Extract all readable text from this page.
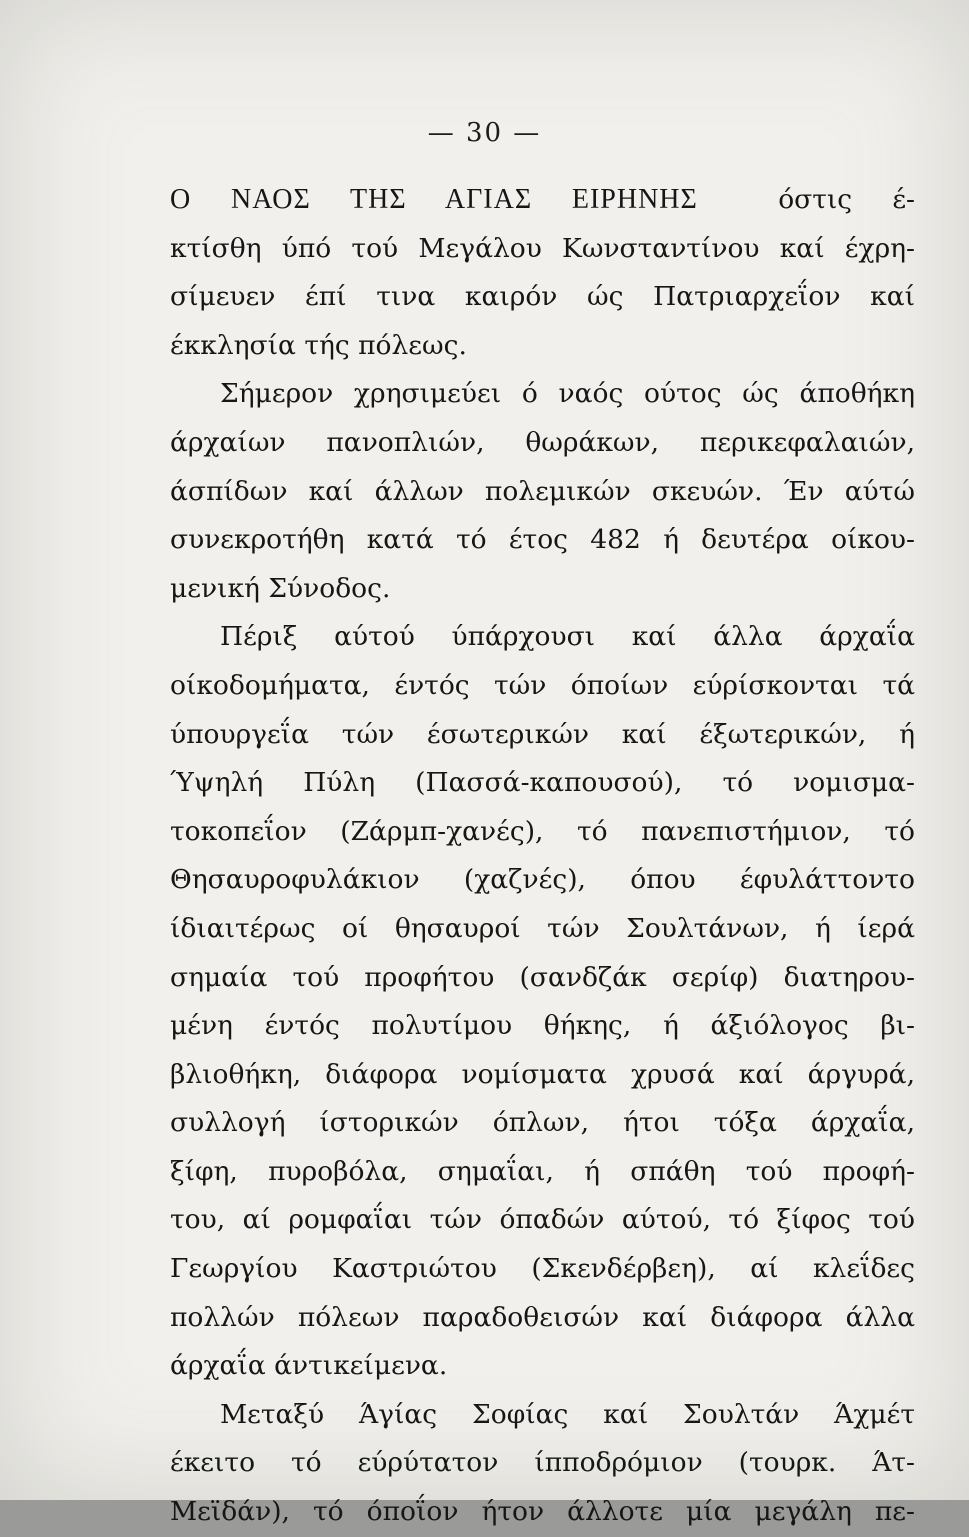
— 30 —
Ο ΝΑΟΣ ΤΗΣ ΑΓΙΑΣ ΕΙΡΗΝΗΣ	όστις έ-
κτίσθη ύπό τού Μεγάλου Κωνσταντίνου καί έχρη-
σίμευεν έπί τινα καιρόν ώς Πατριαρχεΐον καί
έκκλησία τής πόλεως.
Σήμερον χρησιμεύει ό ναός ούτος ώς άποθήκη
άρχαίων πανοπλιών, θωράκων, περικεφαλαιών,
άσπίδων καί άλλων πολεμικών σκευών. Έν αύτώ
συνεκροτήθη κατά τό έτος 482 ή δευτέρα οίκου-
μενική Σύνοδος.
Πέριξ αύτού ύπάρχουσι καί άλλα άρχαΐα
οίκοδομήματα, έντός τών όποίων εύρίσκονται τά
ύπουργεΐα τών έσωτερικών καί έξωτερικών, ή
Ύψηλή Πύλη (Πασσά-καπουσού), τό νομισμα-
τοκοπεΐον (Ζάρμπ-χανές), τό πανεπιστήμιον, τό
Θησαυροφυλάκιον (χαζνές), όπου έφυλάττοντο
ίδιαιτέρως οί θησαυροί τών Σουλτάνων, ή ίερά
σημαία τού προφήτου (σανδζάκ σερίφ) διατηρου-
μένη έντός πολυτίμου θήκης, ή άξιόλογος βι-
βλιοθήκη, διάφορα νομίσματα χρυσά καί άργυρά,
συλλογή ίστορικών όπλων, ήτοι τόξα άρχαΐα,
ξίφη, πυροβόλα, σημαΐαι, ή σπάθη τού προφή-
του, αί ρομφαΐαι τών όπαδών αύτού, τό ξίφος τού
Γεωργίου Καστριώτου (Σκενδέρβεη), αί κλεΐδες
πολλών πόλεων παραδοθεισών καί διάφορα άλλα
άρχαΐα άντικείμενα.
Μεταξύ Άγίας Σοφίας καί Σουλτάν Άχμέτ
έκειτο τό εύρύτατον ίπποδρόμιον (τουρκ. Άτ-
Μεϊδάν), τό όποΐον ήτον άλλοτε μία μεγάλη πε-
